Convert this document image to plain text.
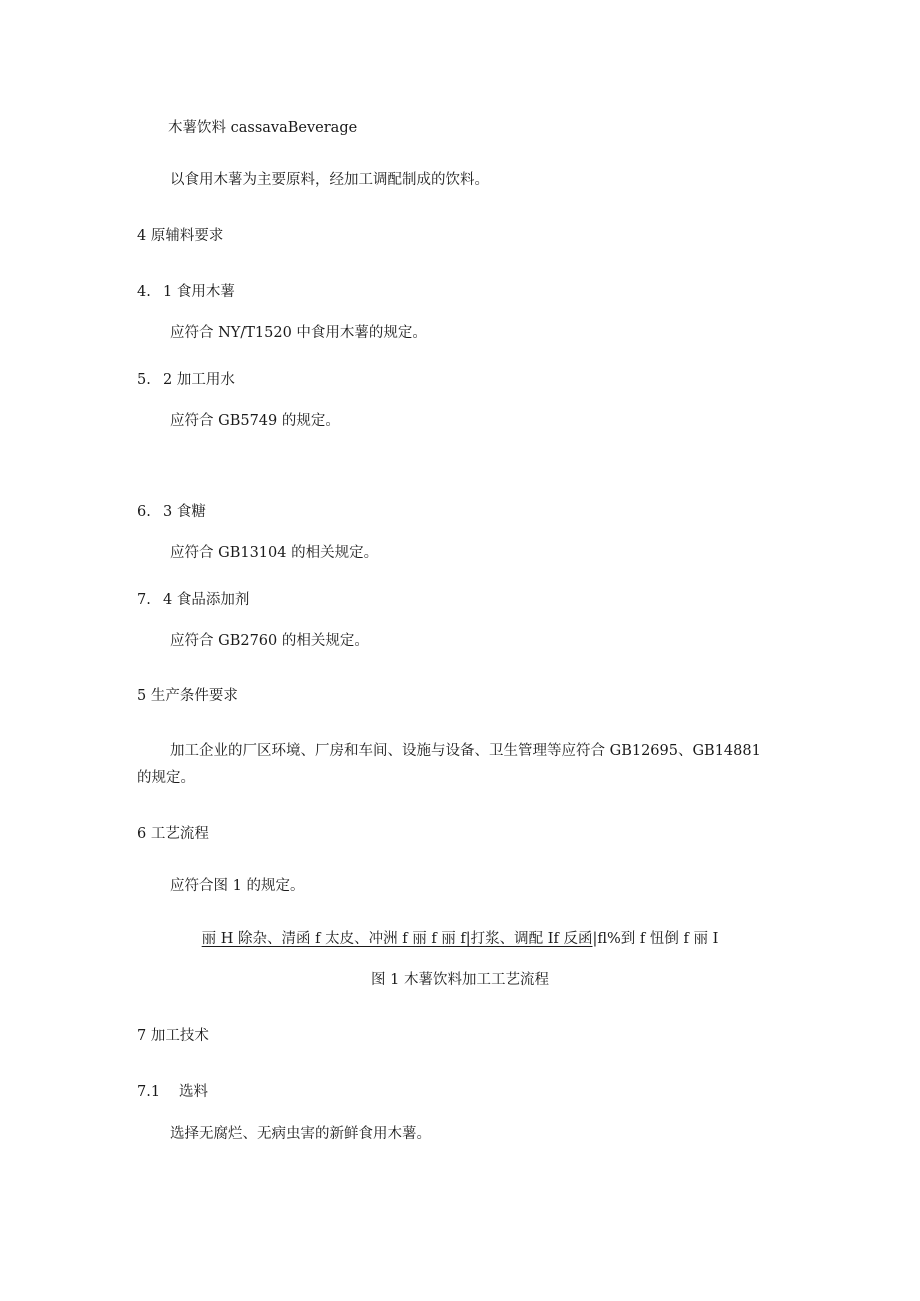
木薯饮料 cassavaBeverage
以食用木薯为主要原料，经加工调配制成的饮料。
4 原辅料要求
4. 1 食用木薯
应符合 NY/T1520 中食用木薯的规定。
5. 2 加工用水
应符合 GB5749 的规定。
6. 3 食糖
应符合 GB13104 的相关规定。
7. 4 食品添加剂
应符合 GB2760 的相关规定。
5 生产条件要求
加工企业的厂区环境、厂房和车间、设施与设备、卫生管理等应符合 GB12695、GB14881
的规定。
6 工艺流程
应符合图 1 的规定。
丽 H 除杂、清函 f 太皮、冲洲 f 丽 f 丽 f|打浆、调配 If 反函|fl%到 f 忸倒 f 丽 I
图 1 木薯饮料加工工艺流程
7 加工技术
7.1 选料
选择无腐烂、无病虫害的新鲜食用木薯。
